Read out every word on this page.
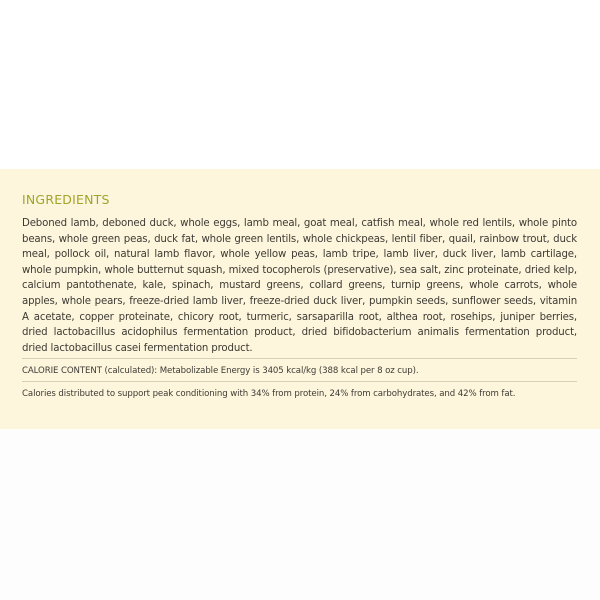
INGREDIENTS

Deboned lamb, deboned duck, whole eggs, lamb meal, goat meal, catfish meal, whole red lentils, whole pinto beans, whole green peas, duck fat, whole green lentils, whole chickpeas, lentil fiber, quail, rainbow trout, duck meal, pollock oil, natural lamb flavor, whole yellow peas, lamb tripe, lamb liver, duck liver, lamb cartilage, whole pumpkin, whole butternut squash, mixed tocopherols (preservative), sea salt, zinc proteinate, dried kelp, calcium pantothenate, kale, spinach, mustard greens, collard greens, turnip greens, whole carrots, whole apples, whole pears, freeze-dried lamb liver, freeze-dried duck liver, pumpkin seeds, sunflower seeds, vitamin A acetate, copper proteinate, chicory root, turmeric, sarsaparilla root, althea root, rosehips, juniper berries, dried lactobacillus acidophilus fermentation product, dried bifidobacterium animalis fermentation product, dried lactobacillus casei fermentation product.

CALORIE CONTENT (calculated): Metabolizable Energy is 3405 kcal/kg (388 kcal per 8 oz cup).

Calories distributed to support peak conditioning with 34% from protein, 24% from carbohydrates, and 42% from fat.
